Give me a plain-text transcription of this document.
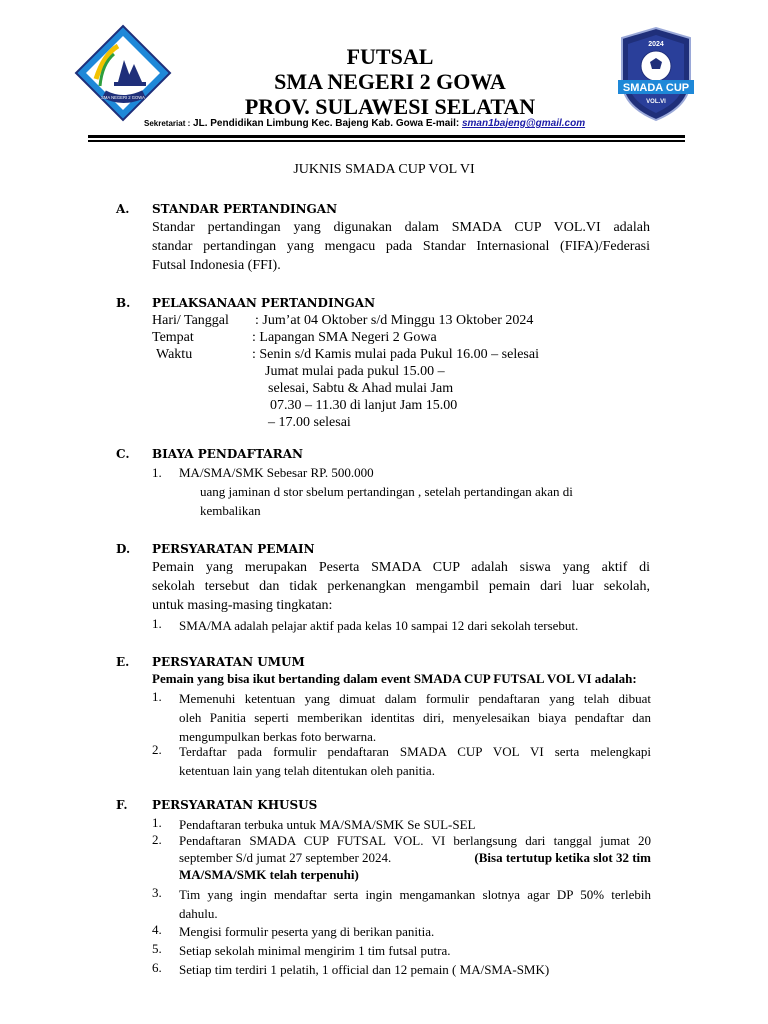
SMA NEGERI 2 GOWA
2024
SMADA CUP
VOL.VI
FUTSAL
SMA NEGERI 2 GOWA
PROV. SULAWESI SELATAN
Sekretariat : JL. Pendidikan Limbung Kec. Bajeng Kab. Gowa E-mail: sman1bajeng@gmail.com
JUKNIS SMADA CUP VOL VI
A. STANDAR PERTANDINGAN
Standar pertandingan yang digunakan dalam SMADA CUP VOL.VI adalah
standar pertandingan yang mengacu pada Standar Internasional (FIFA)/Federasi
Futsal Indonesia (FFI).
B. PELAKSANAAN PERTANDINGAN
Hari/ Tanggal : Jum’at 04 Oktober s/d Minggu 13 Oktober 2024
Tempat	: Lapangan SMA Negeri 2 Gowa
Waktu	: Senin s/d Kamis mulai pada Pukul 16.00 – selesai
Jumat mulai pada pukul 15.00 –
selesai, Sabtu & Ahad mulai Jam
07.30 – 11.30 di lanjut Jam 15.00
– 17.00 selesai
C. BIAYA PENDAFTARAN
1. MA/SMA/SMK Sebesar RP. 500.000
uang jaminan d stor sbelum pertandingan , setelah pertandingan akan di
kembalikan
D. PERSYARATAN PEMAIN
Pemain yang merupakan Peserta SMADA CUP adalah siswa yang aktif di
sekolah tersebut dan tidak perkenangkan mengambil pemain dari luar sekolah,
untuk masing-masing tingkatan:
1. SMA/MA adalah pelajar aktif pada kelas 10 sampai 12 dari sekolah tersebut.
E. PERSYARATAN UMUM
Pemain yang bisa ikut bertanding dalam event SMADA CUP FUTSAL VOL VI adalah:
1. Memenuhi ketentuan yang dimuat dalam formulir pendaftaran yang telah dibuat
oleh Panitia seperti memberikan identitas diri, menyelesaikan biaya pendaftar dan
mengumpulkan berkas foto berwarna.
2. Terdaftar pada formulir pendaftaran SMADA CUP VOL VI serta melengkapi
ketentuan lain yang telah ditentukan oleh panitia.
F. PERSYARATAN KHUSUS
1. Pendaftaran terbuka untuk MA/SMA/SMK Se SUL-SEL
2. Pendaftaran SMADA CUP FUTSAL VOL. VI berlangsung dari tanggal jumat 20
september S/d jumat 27 september 2024.	(Bisa tertutup ketika slot 32 tim
MA/SMA/SMK telah terpenuhi)
3. Tim yang ingin mendaftar serta ingin mengamankan slotnya agar DP 50% terlebih
dahulu.
4. Mengisi formulir peserta yang di berikan panitia.
5. Setiap sekolah minimal mengirim 1 tim futsal putra.
6. Setiap tim terdiri 1 pelatih, 1 official dan 12 pemain ( MA/SMA-SMK)
